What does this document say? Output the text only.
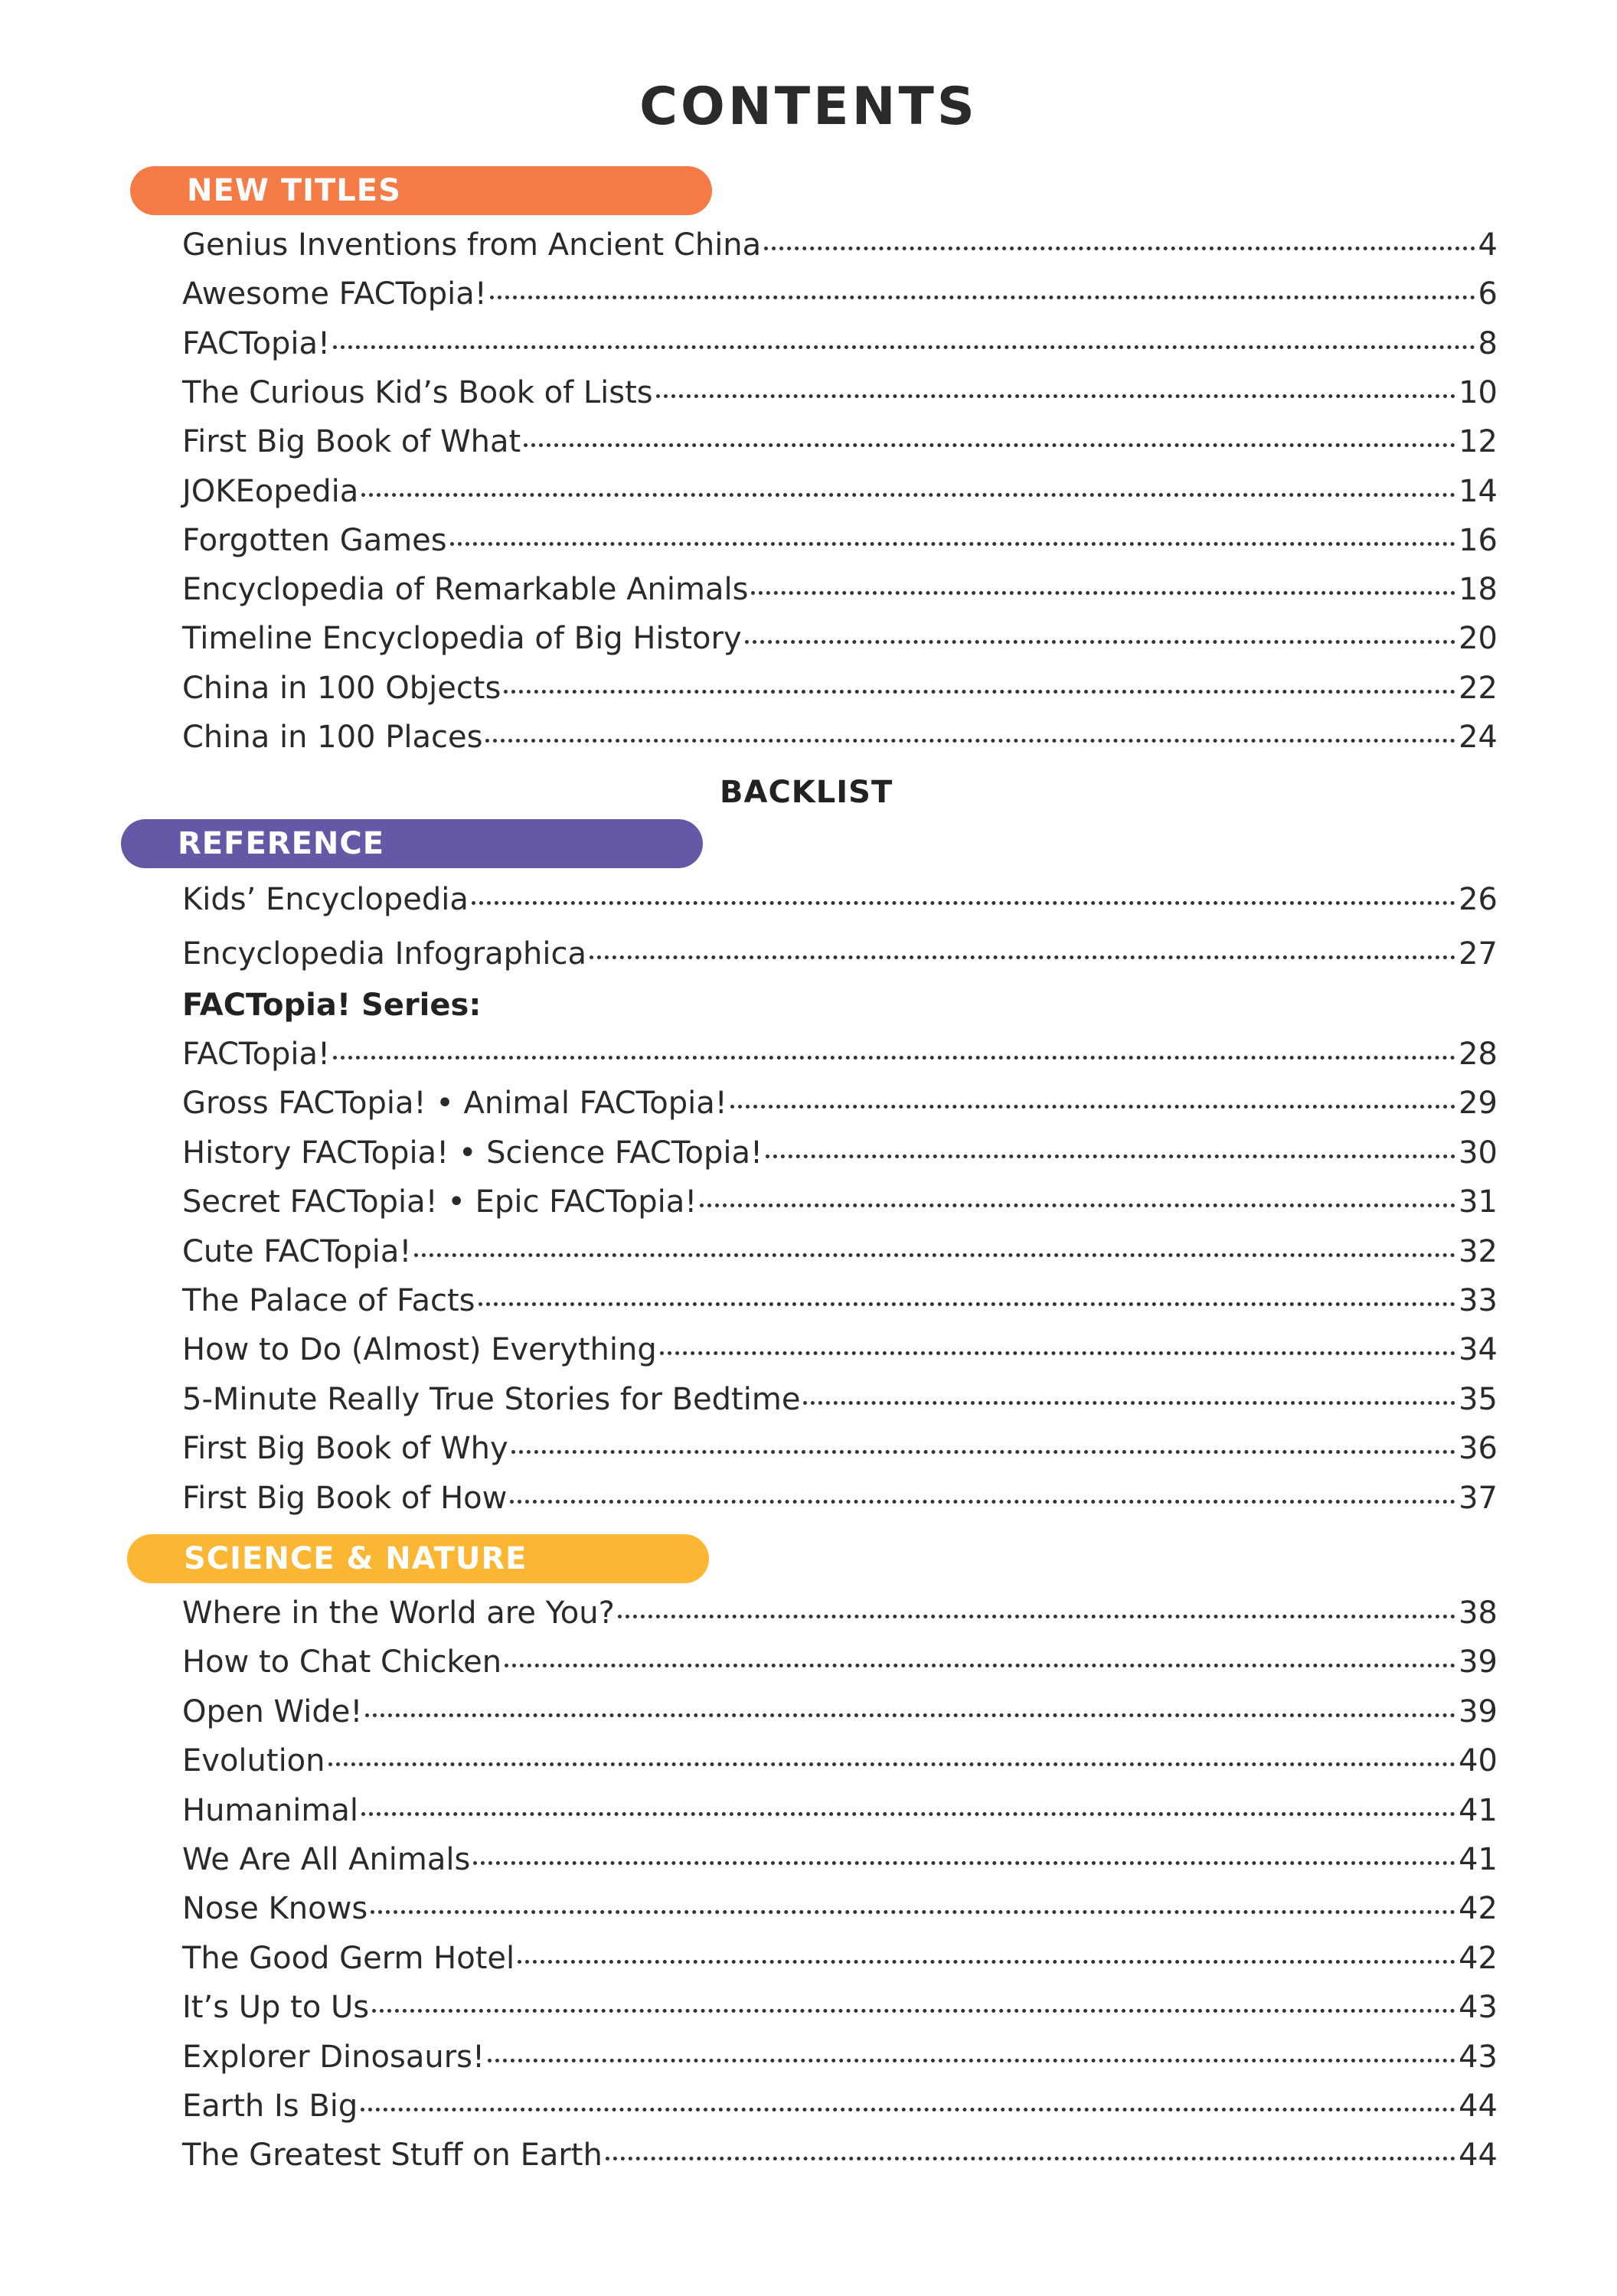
CONTENTS
NEW TITLES
Genius Inventions from Ancient China	4
Awesome FACTopia!	6
FACTopia!	8
The Curious Kid’s Book of Lists	10
First Big Book of What	12
JOKEopedia	14
Forgotten Games	16
Encyclopedia of Remarkable Animals	18
Timeline Encyclopedia of Big History	20
China in 100 Objects	22
China in 100 Places	24
BACKLIST
REFERENCE
Kids’ Encyclopedia	26
Encyclopedia Infographica	27
FACTopia! Series:
FACTopia!	28
Gross FACTopia! • Animal FACTopia!	29
History FACTopia! • Science FACTopia!	30
Secret FACTopia! • Epic FACTopia!	31
Cute FACTopia!	32
The Palace of Facts	33
How to Do (Almost) Everything	34
5-Minute Really True Stories for Bedtime	35
First Big Book of Why	36
First Big Book of How	37
SCIENCE & NATURE
Where in the World are You?	38
How to Chat Chicken	39
Open Wide!	39
Evolution	40
Humanimal	41
We Are All Animals	41
Nose Knows	42
The Good Germ Hotel	42
It’s Up to Us	43
Explorer Dinosaurs!	43
Earth Is Big	44
The Greatest Stuff on Earth	44
